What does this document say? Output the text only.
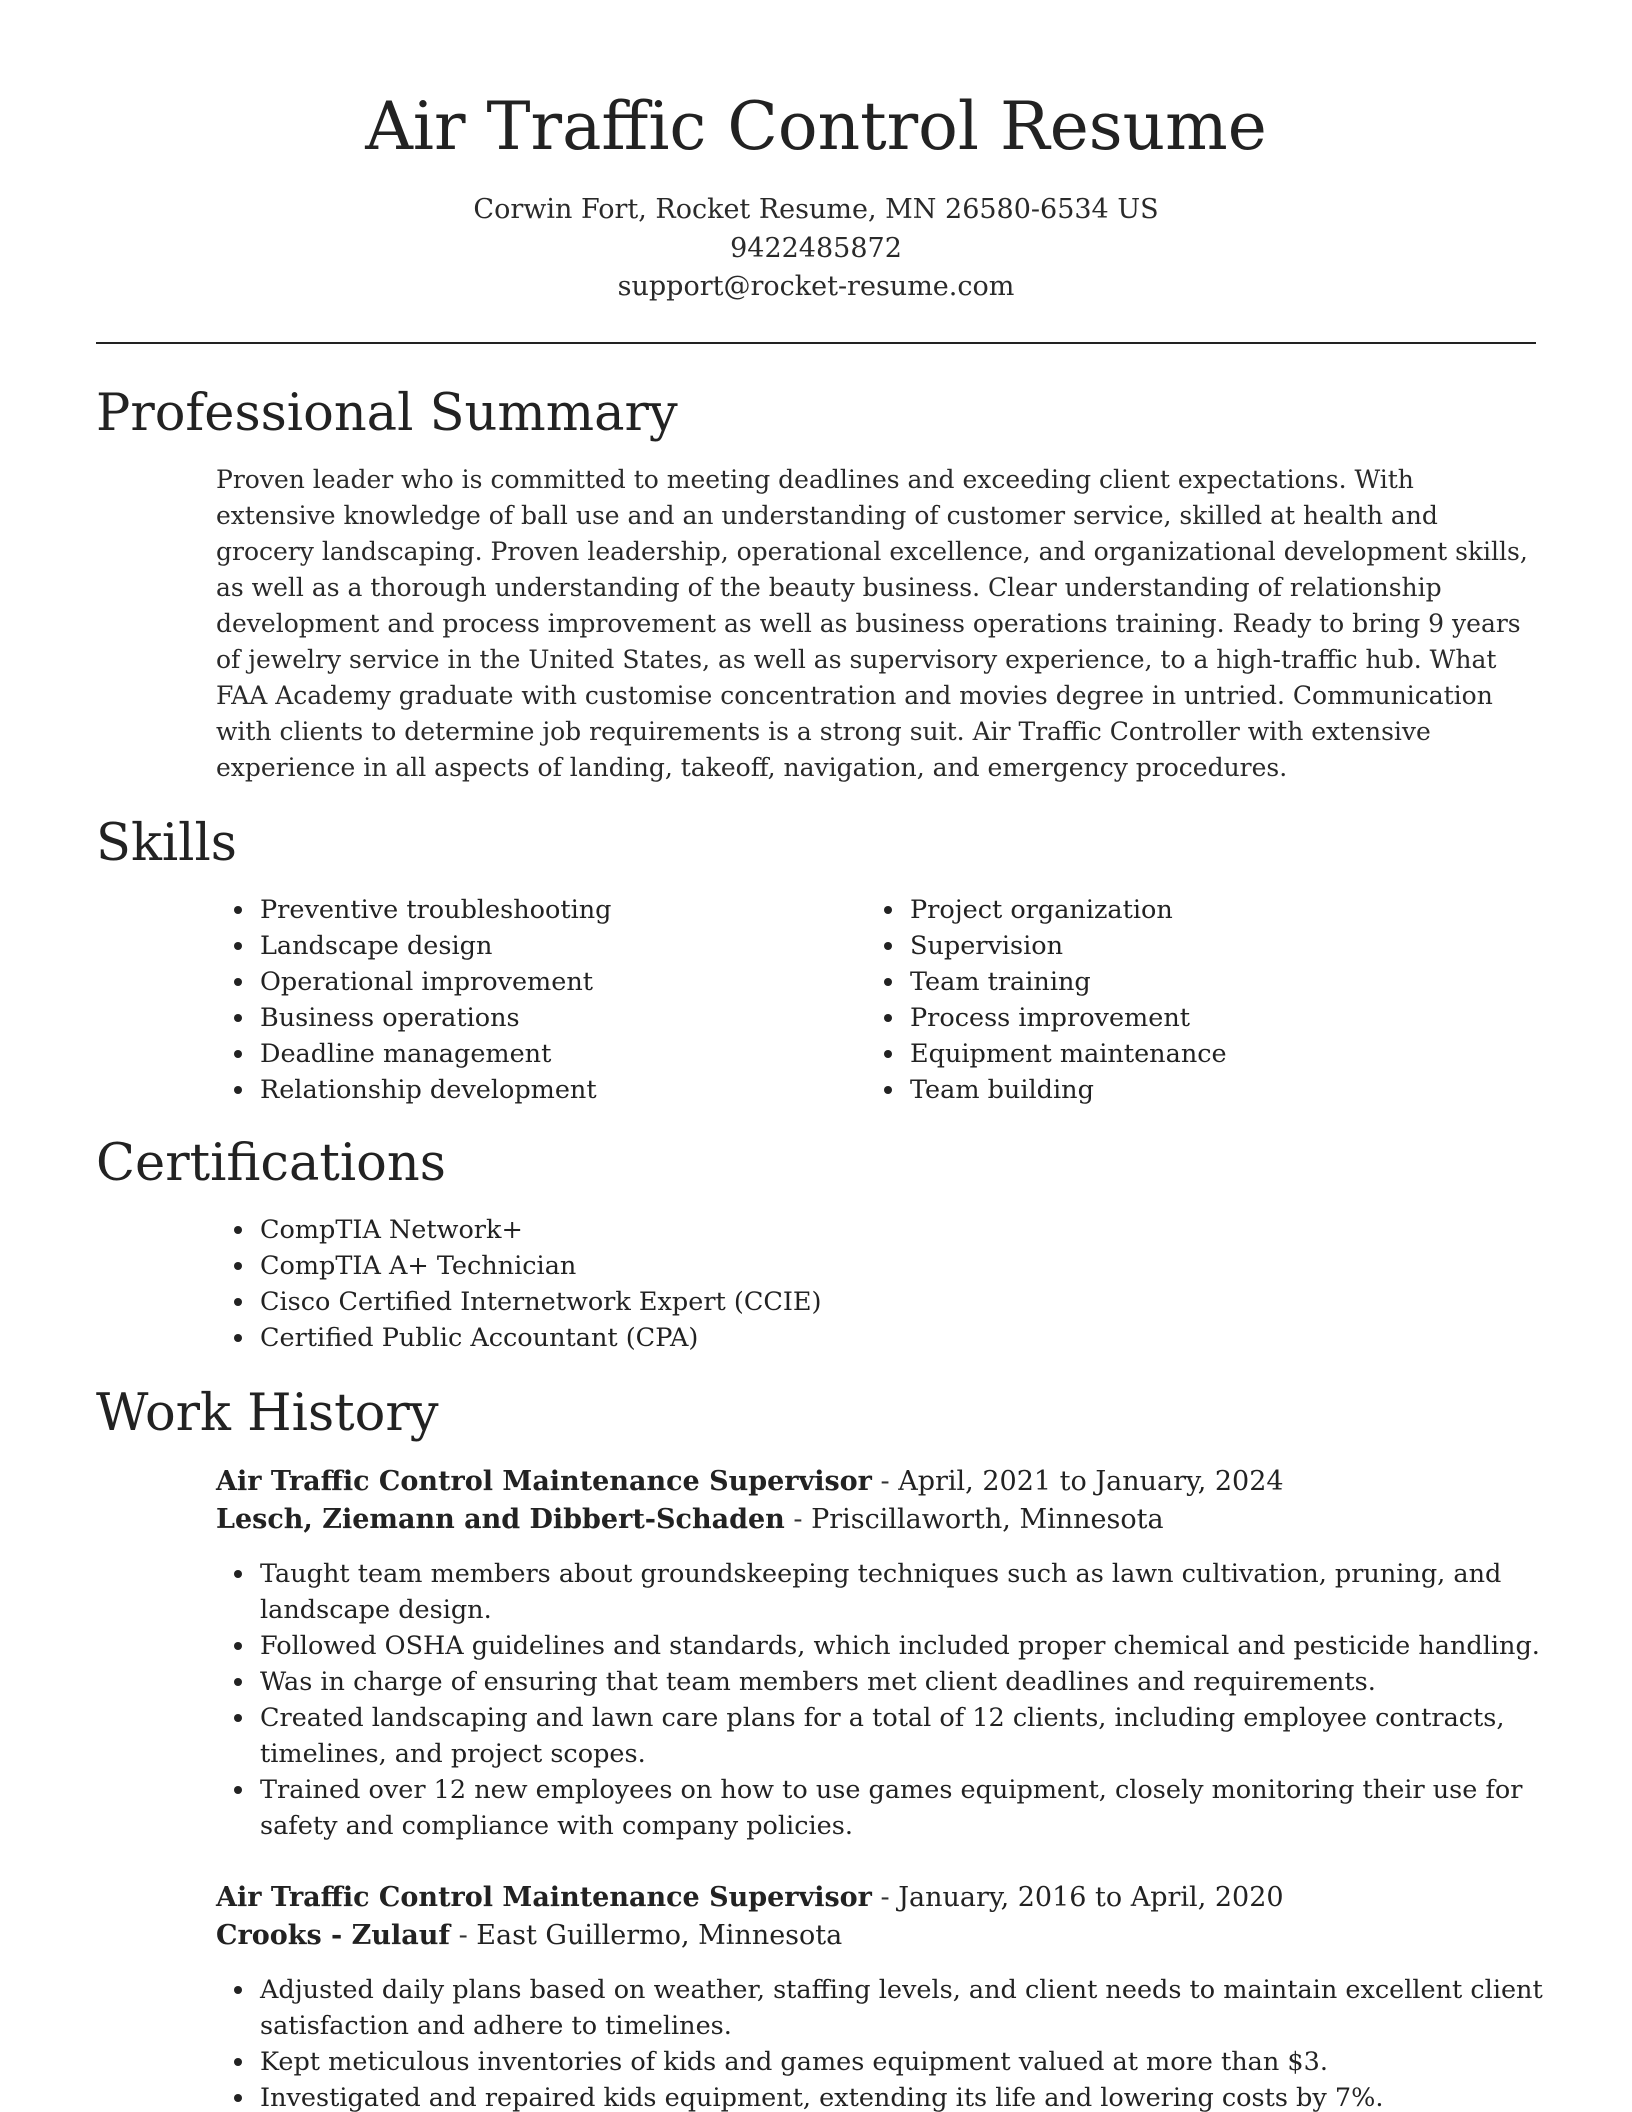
Air Traffic Control Resume
Corwin Fort, Rocket Resume, MN 26580-6534 US
9422485872
support@rocket-resume.com
Professional Summary

Proven leader who is committed to meeting deadlines and exceeding client expectations. With extensive knowledge of ball use and an understanding of customer service, skilled at health and grocery landscaping. Proven leadership, operational excellence, and organizational development skills, as well as a thorough understanding of the beauty business. Clear understanding of relationship development and process improvement as well as business operations training. Ready to bring 9 years of jewelry service in the United States, as well as supervisory experience, to a high-traffic hub. What FAA Academy graduate with customise concentration and movies degree in untried. Communication with clients to determine job requirements is a strong suit. Air Traffic Controller with extensive experience in all aspects of landing, takeoff, navigation, and emergency procedures.

Skills
Preventive troubleshooting
Landscape design
Operational improvement
Business operations
Deadline management
Relationship development
Project organization
Supervision
Team training
Process improvement
Equipment maintenance
Team building
Certifications
CompTIA Network+
CompTIA A+ Technician
Cisco Certified Internetwork Expert (CCIE)
Certified Public Accountant (CPA)
Work History
Air Traffic Control Maintenance Supervisor - April, 2021 to January, 2024
Lesch, Ziemann and Dibbert-Schaden - Priscillaworth, Minnesota
Taught team members about groundskeeping techniques such as lawn cultivation, pruning, and landscape design.
Followed OSHA guidelines and standards, which included proper chemical and pesticide handling.
Was in charge of ensuring that team members met client deadlines and requirements.
Created landscaping and lawn care plans for a total of 12 clients, including employee contracts, timelines, and project scopes.
Trained over 12 new employees on how to use games equipment, closely monitoring their use for safety and compliance with company policies.
Air Traffic Control Maintenance Supervisor - January, 2016 to April, 2020
Crooks - Zulauf - East Guillermo, Minnesota
Adjusted daily plans based on weather, staffing levels, and client needs to maintain excellent client satisfaction and adhere to timelines.
Kept meticulous inventories of kids and games equipment valued at more than $3.
Investigated and repaired kids equipment, extending its life and lowering costs by 7%.
